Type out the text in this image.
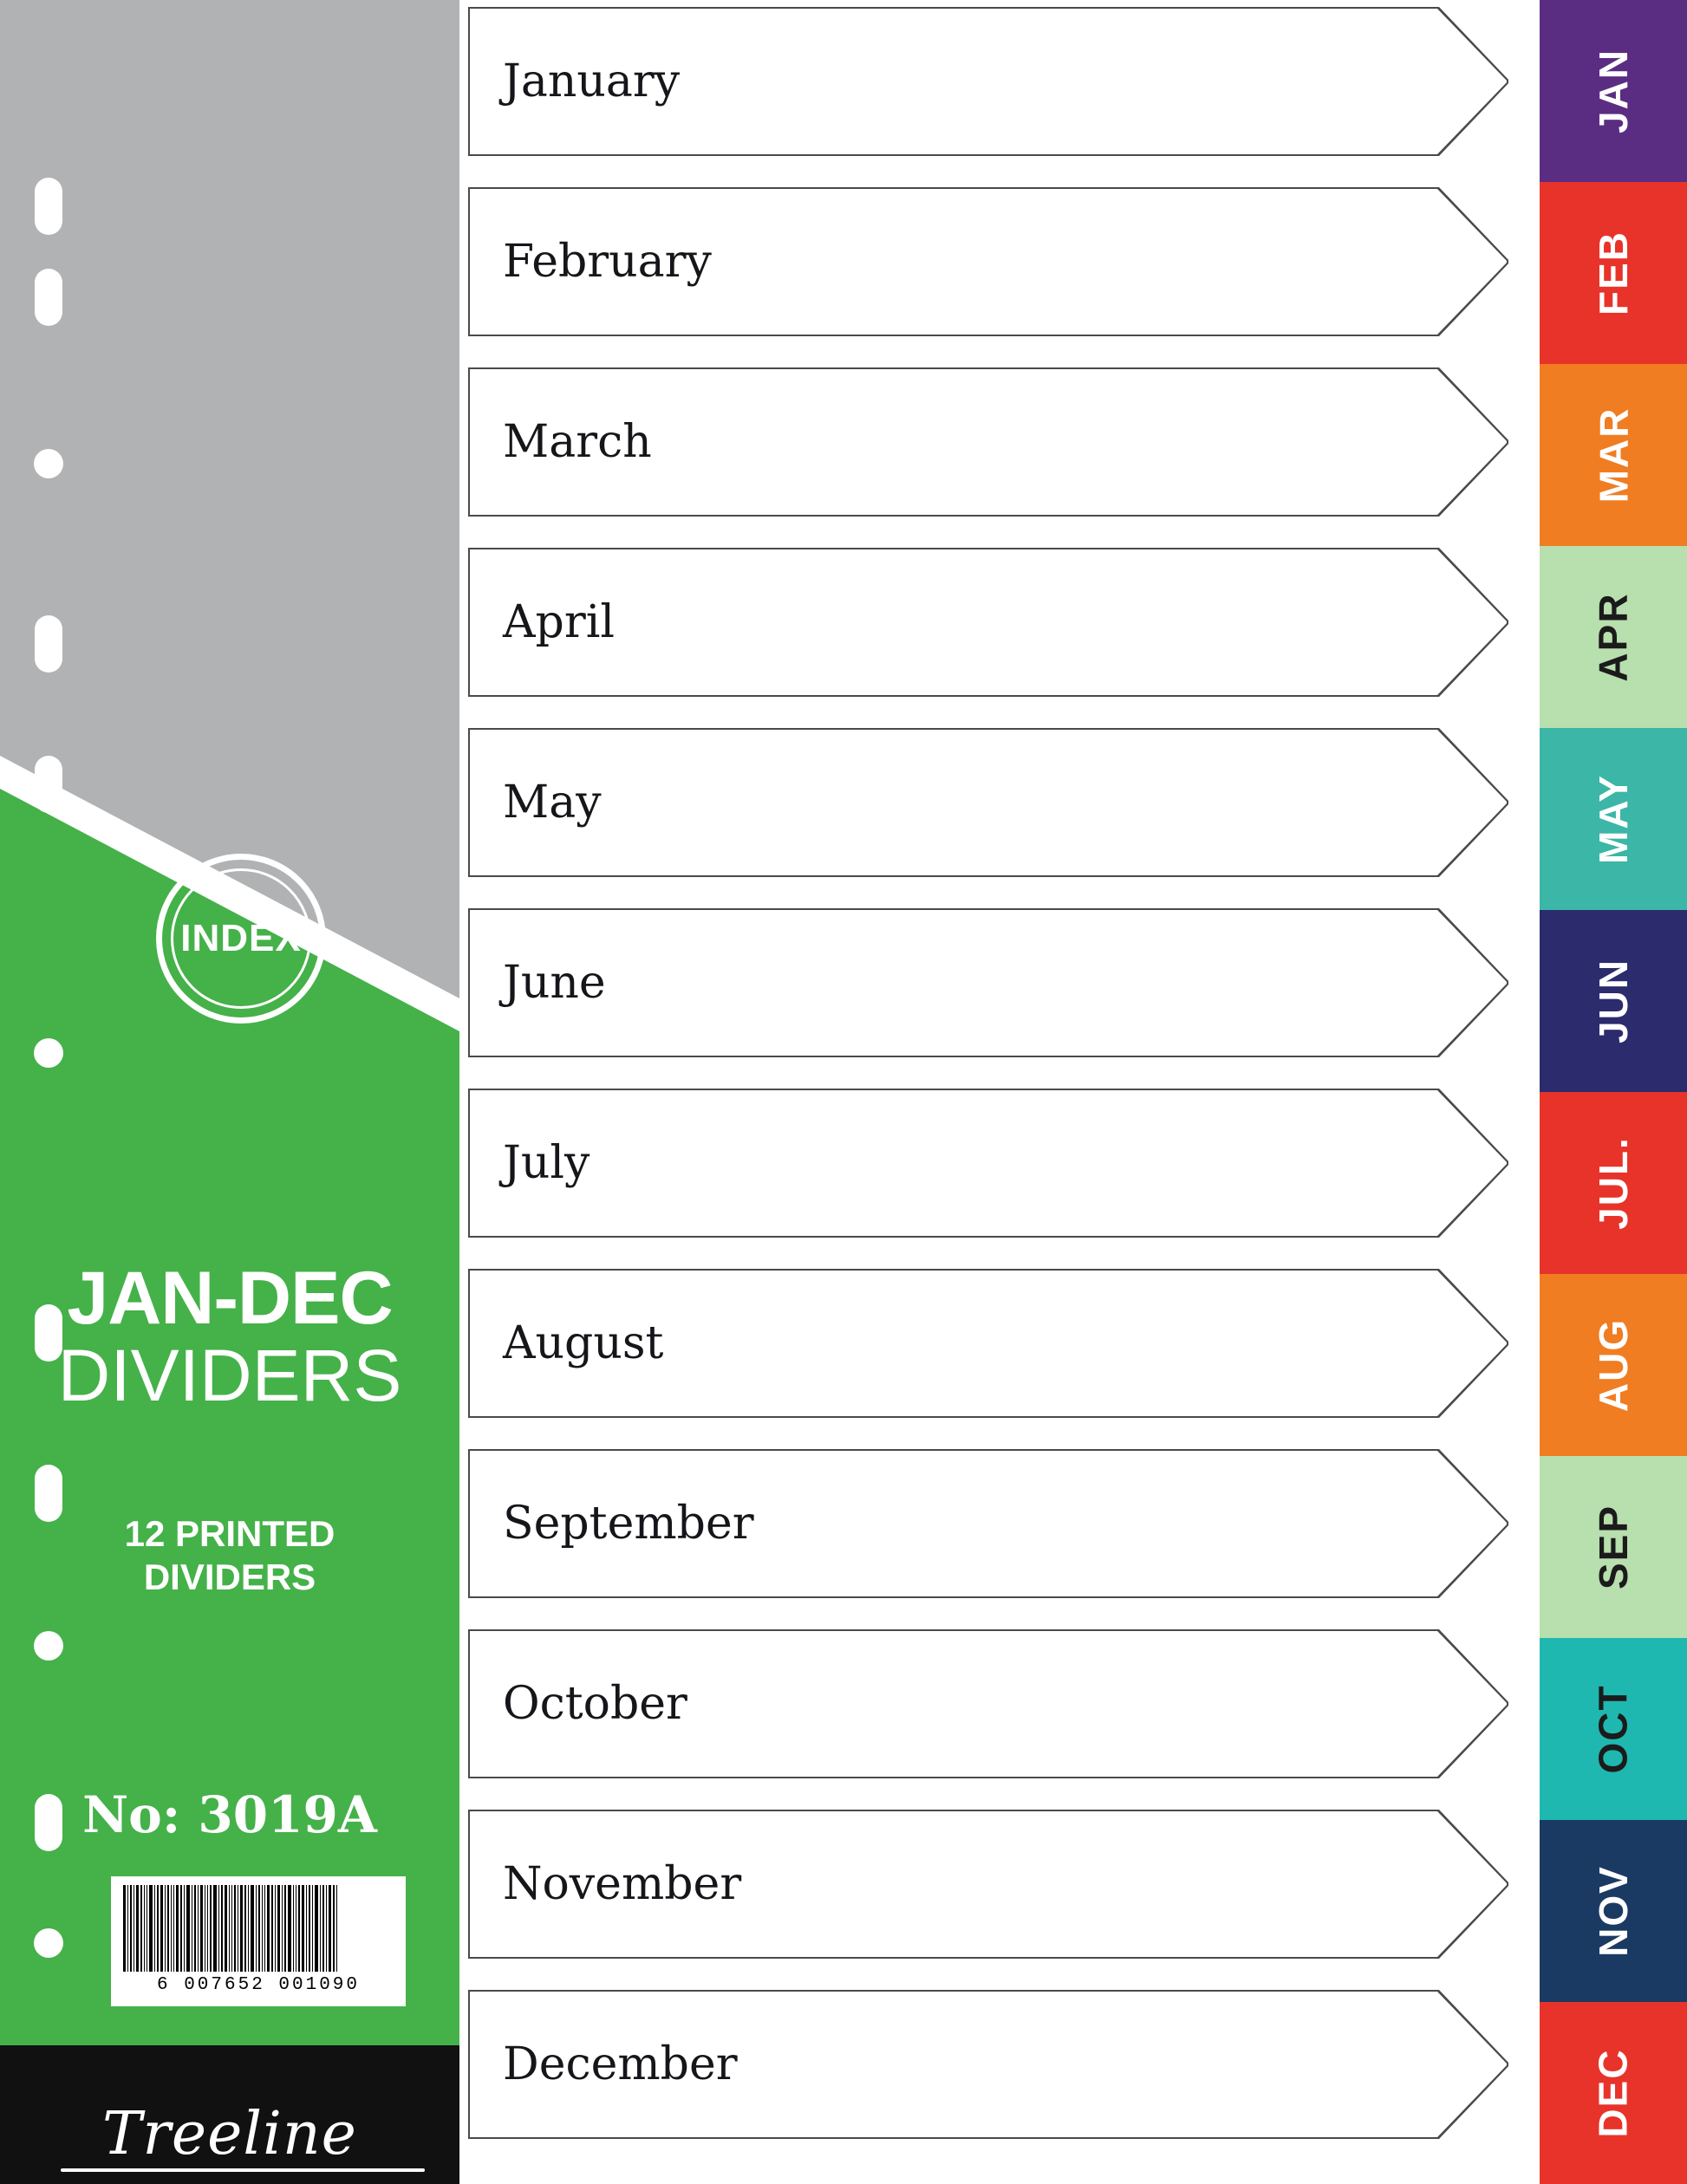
INDEX
JAN-DEC
DIVIDERS
12 PRINTED
DIVIDERS
No: 3019A
6 007652 001090
Treeline
January
February
March
April
May
June
July
August
September
October
November
December
JAN
FEB
MAR
APR
MAY
JUN
JUL.
AUG
SEP
OCT
NOV
DEC
